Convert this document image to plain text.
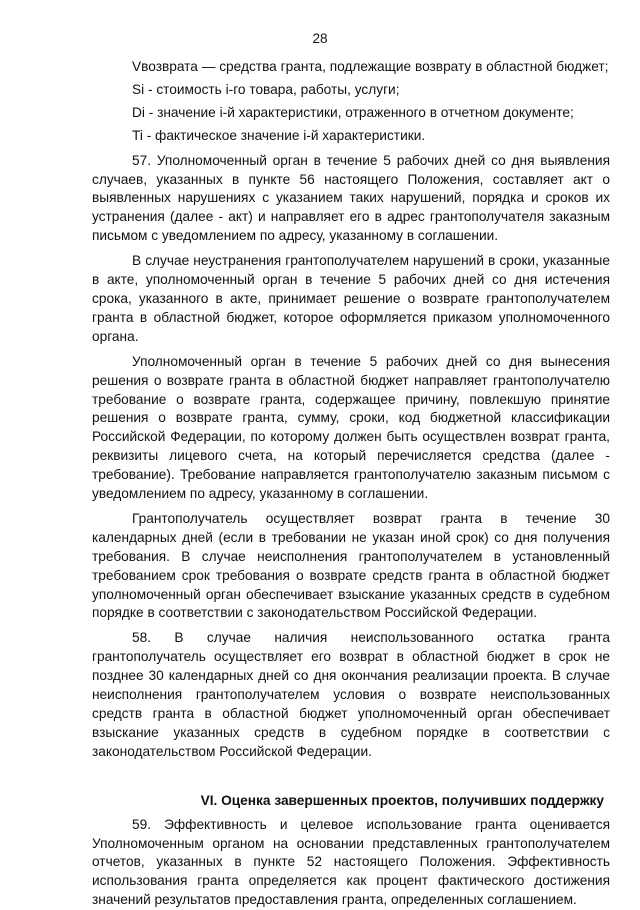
28

Vвозврата — средства гранта, подлежащие возврату в областной бюджет;

Si - стоимость i-го товара, работы, услуги;

Di - значение i-й характеристики, отраженного в отчетном документе;

Ti - фактическое значение i-й характеристики.

57. Уполномоченный орган в течение 5 рабочих дней со дня выявления случаев, указанных в пункте 56 настоящего Положения, составляет акт о выявленных нарушениях с указанием таких нарушений, порядка и сроков их устранения (далее - акт) и направляет его в адрес грантополучателя заказным письмом с уведомлением по адресу, указанному в соглашении.

В случае неустранения грантополучателем нарушений в сроки, указанные в акте, уполномоченный орган в течение 5 рабочих дней со дня истечения срока, указанного в акте, принимает решение о возврате грантополучателем гранта в областной бюджет, которое оформляется приказом уполномоченного органа.

Уполномоченный орган в течение 5 рабочих дней со дня вынесения решения о возврате гранта в областной бюджет направляет грантополучателю требование о возврате гранта, содержащее причину, повлекшую принятие решения о возврате гранта, сумму, сроки, код бюджетной классификации Российской Федерации, по которому должен быть осуществлен возврат гранта, реквизиты лицевого счета, на который перечисляется средства (далее - требование). Требование направляется грантополучателю заказным письмом с уведомлением по адресу, указанному в соглашении.

Грантополучатель осуществляет возврат гранта в течение 30 календарных дней (если в требовании не указан иной срок) со дня получения требования. В случае неисполнения грантополучателем в установленный требованием срок требования о возврате средств гранта в областной бюджет уполномоченный орган обеспечивает взыскание указанных средств в судебном порядке в соответствии с законодательством Российской Федерации.

58. В случае наличия неиспользованного остатка гранта грантополучатель осуществляет его возврат в областной бюджет в срок не позднее 30 календарных дней со дня окончания реализации проекта. В случае неисполнения грантополучателем условия о возврате неиспользованных средств гранта в областной бюджет уполномоченный орган обеспечивает взыскание указанных средств в судебном порядке в соответствии с законодательством Российской Федерации.

VI. Оценка завершенных проектов, получивших поддержку

59. Эффективность и целевое использование гранта оценивается Уполномоченным органом на основании представленных грантополучателем отчетов, указанных в пункте 52 настоящего Положения. Эффективность использования гранта определяется как процент фактического достижения значений результатов предоставления гранта, определенных соглашением.
